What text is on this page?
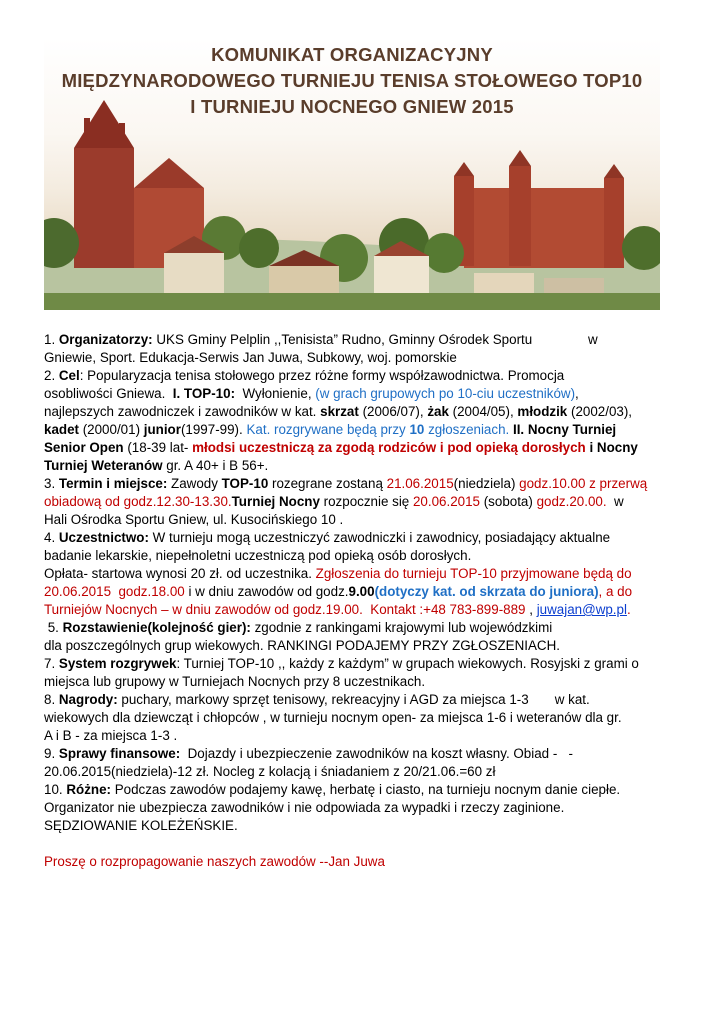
KOMUNIKAT ORGANIZACYJNY
MIĘDZYNARODOWEGO TURNIEJU TENISA STOŁOWEGO TOP10
I TURNIEJU NOCNEGO GNIEW 2015

1. Organizatorzy: UKS Gminy Pelplin ,,Tenisista” Rudno, Gminny Ośrodek Sportu               w

Gniewie, Sport. Edukacja-Serwis Jan Juwa, Subkowy, woj. pomorskie

2. Cel: Popularyzacja tenisa stołowego przez różne formy współzawodnictwa. Promocja

osobliwości Gniewa.  I. TOP-10:  Wyłonienie, (w grach grupowych po 10-ciu uczestników),

najlepszych zawodniczek i zawodników w kat. skrzat (2006/07), żak (2004/05), młodzik (2002/03),

kadet (2000/01) junior(1997-99). Kat. rozgrywane będą przy 10 zgłoszeniach. II. Nocny Turniej

Senior Open (18-39 lat- młodsi uczestniczą za zgodą rodziców i pod opieką dorosłych i Nocny

Turniej Weteranów gr. A 40+ i B 56+.

3. Termin i miejsce: Zawody TOP-10 rozegrane zostaną 21.06.2015(niedziela) godz.10.00 z przerwą

obiadową od godz.12.30-13.30.Turniej Nocny rozpocznie się 20.06.2015 (sobota) godz.20.00.  w

Hali Ośrodka Sportu Gniew, ul. Kusocińskiego 10 .

4. Uczestnictwo: W turnieju mogą uczestniczyć zawodniczki i zawodnicy, posiadający aktualne

badanie lekarskie, niepełnoletni uczestniczą pod opieką osób dorosłych.

Opłata- startowa wynosi 20 zł. od uczestnika. Zgłoszenia do turnieju TOP-10 przyjmowane będą do

20.06.2015  godz.18.00 i w dniu zawodów od godz.9.00(dotyczy kat. od skrzata do juniora), a do

Turniejów Nocnych – w dniu zawodów od godz.19.00.  Kontakt :+48 783-899-889 , juwajan@wp.pl.

5. Rozstawienie(kolejność gier): zgodnie z rankingami krajowymi lub wojewódzkimi

dla poszczególnych grup wiekowych. RANKINGI PODAJEMY PRZY ZGŁOSZENIACH.

7. System rozgrywek: Turniej TOP-10 ,, każdy z każdym” w grupach wiekowych. Rosyjski z grami o

miejsca lub grupowy w Turniejach Nocnych przy 8 uczestnikach.

8. Nagrody: puchary, markowy sprzęt tenisowy, rekreacyjny i AGD za miejsca 1-3       w kat.

wiekowych dla dziewcząt i chłopców , w turnieju nocnym open- za miejsca 1-6 i weteranów dla gr.

A i B - za miejsca 1-3 .

9. Sprawy finansowe:  Dojazdy i ubezpieczenie zawodników na koszt własny. Obiad -   -

20.06.2015(niedziela)-12 zł. Nocleg z kolacją i śniadaniem z 20/21.06.=60 zł

10. Różne: Podczas zawodów podajemy kawę, herbatę i ciasto, na turnieju nocnym danie ciepłe.

Organizator nie ubezpiecza zawodników i nie odpowiada za wypadki i rzeczy zaginione.

SĘDZIOWANIE KOLEŻEŃSKIE.

Proszę o rozpropagowanie naszych zawodów --Jan Juwa
